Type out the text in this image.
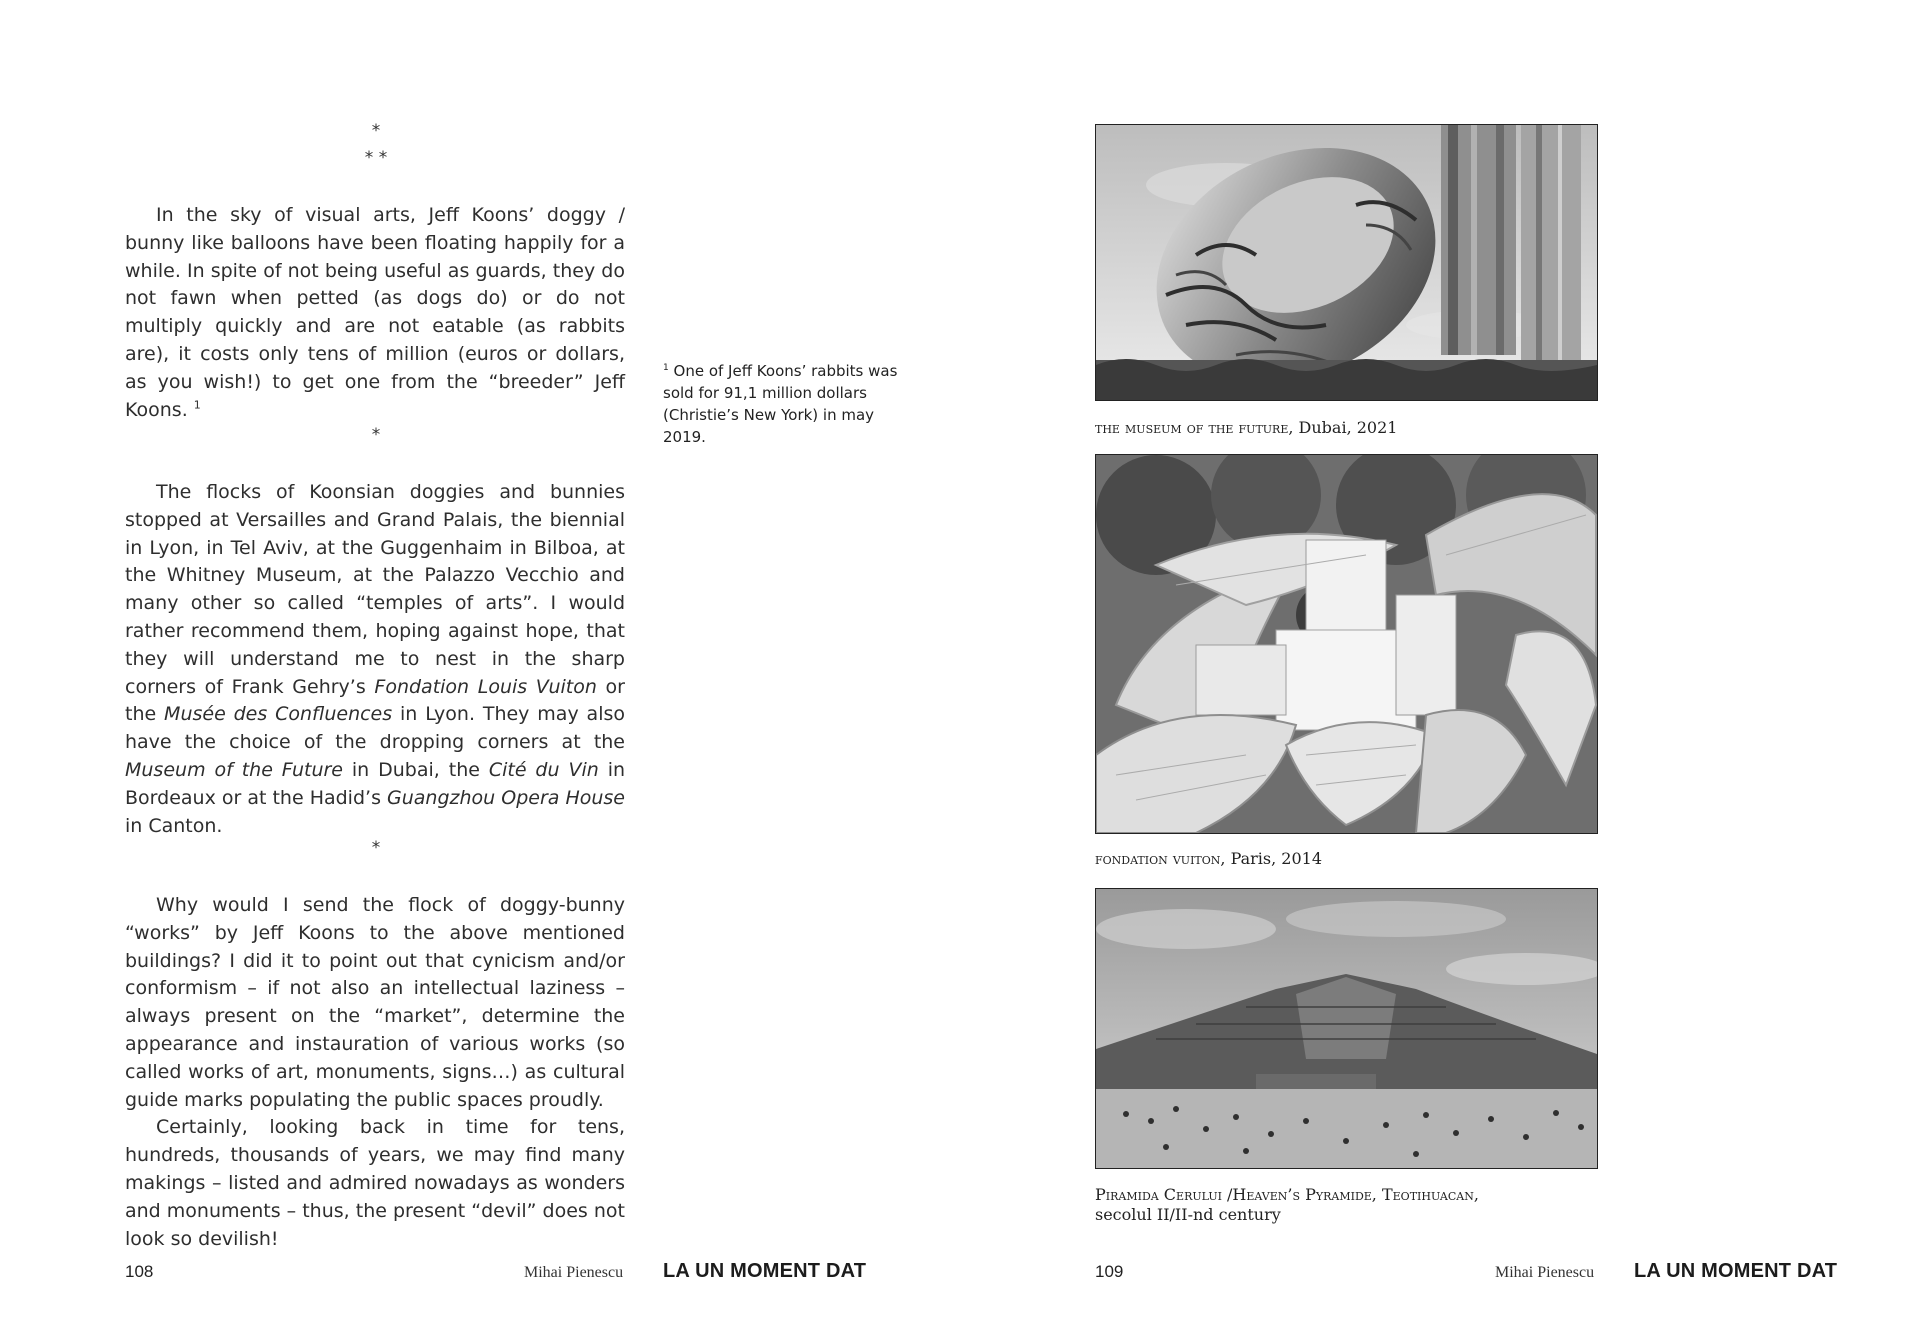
*
* *

In the sky of visual arts, Jeff Koons’ doggy / bunny like balloons have been floating happily for a while. In spite of not being useful as guards, they do not fawn when petted (as dogs do) or do not multiply quickly and are not eatable (as rabbits are), it costs only tens of million (euros or dollars, as you wish!) to get one from the “breeder” Jeff Koons. $^1$

*

The flocks of Koonsian doggies and bunnies stopped at Versailles and Grand Palais, the biennial in Lyon, in Tel Aviv, at the Guggenhaim in Bilboa, at the Whitney Museum, at the Palazzo Vecchio and many other so called “temples of arts”. I would rather recommend them, hoping against hope, that they will understand me to nest in the sharp corners of Frank Gehry’s Fondation Louis Vuiton or the Musée des Confluences in Lyon. They may also have the choice of the dropping corners at the Museum of the Future in Dubai, the Cité du Vin in Bordeaux or at the Hadid’s Guangzhou Opera House in Canton.

*

Why would I send the flock of doggy-bunny “works” by Jeff Koons to the above mentioned buildings? I did it to point out that cynicism and/or conformism – if not also an intellectual laziness – always present on the “market”, determine the appearance and instauration of various works (so called works of art, monuments, signs…) as cultural guide marks populating the public spaces proudly.

Certainly, looking back in time for tens, hundreds, thousands of years, we may find many makings – listed and admired nowadays as wonders and monuments – thus, the present “devil” does not look so devilish!

$^1$ One of Jeff Koons’ rabbits was sold for 91,1 million dollars (Christie’s New York) in may 2019.
108	Mihai Pienescu LA UN MOMENT DAT
the museum of the future, Dubai, 2021
fondation vuiton, Paris, 2014
Piramida Cerului /Heaven’s Pyramide, Teotihuacan,
secolul II/II-nd century
109	Mihai Pienescu LA UN MOMENT DAT
